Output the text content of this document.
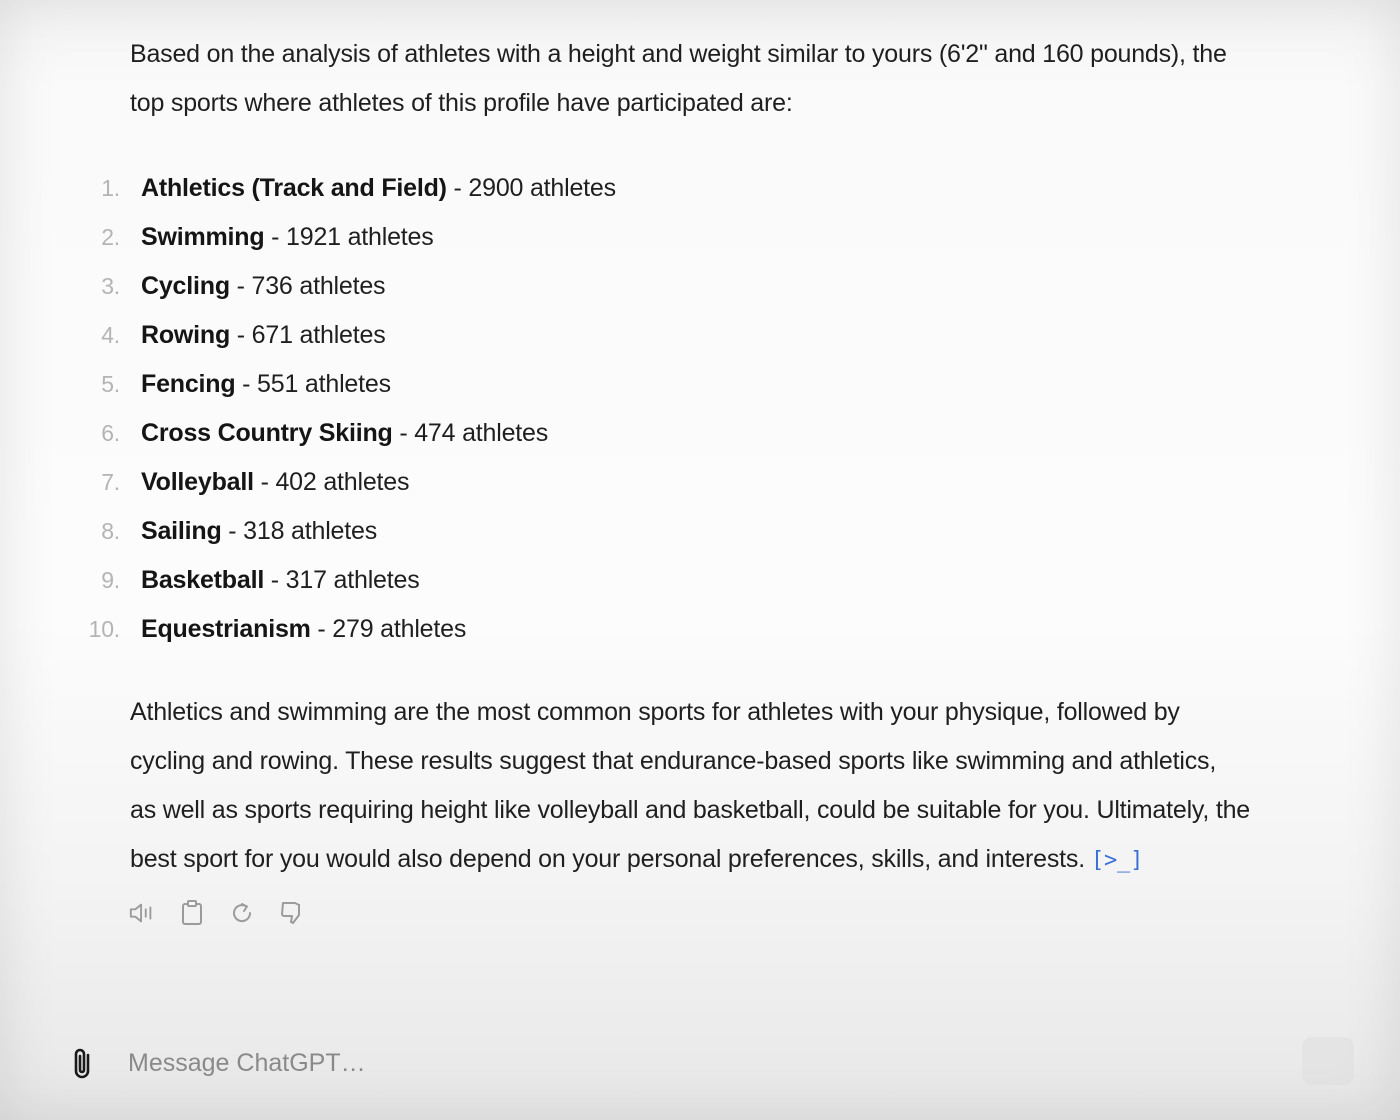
Based on the analysis of athletes with a height and weight similar to yours (6'2" and 160 pounds), the
top sports where athletes of this profile have participated are:

1. Athletics (Track and Field) - 2900 athletes
2. Swimming - 1921 athletes
3. Cycling - 736 athletes
4. Rowing - 671 athletes
5. Fencing - 551 athletes
6. Cross Country Skiing - 474 athletes
7. Volleyball - 402 athletes
8. Sailing - 318 athletes
9. Basketball - 317 athletes
10. Equestrianism - 279 athletes

Athletics and swimming are the most common sports for athletes with your physique, followed by
cycling and rowing. These results suggest that endurance-based sports like swimming and athletics,
as well as sports requiring height like volleyball and basketball, could be suitable for you. Ultimately, the
best sport for you would also depend on your personal preferences, skills, and interests. [>_]

Message ChatGPT…
